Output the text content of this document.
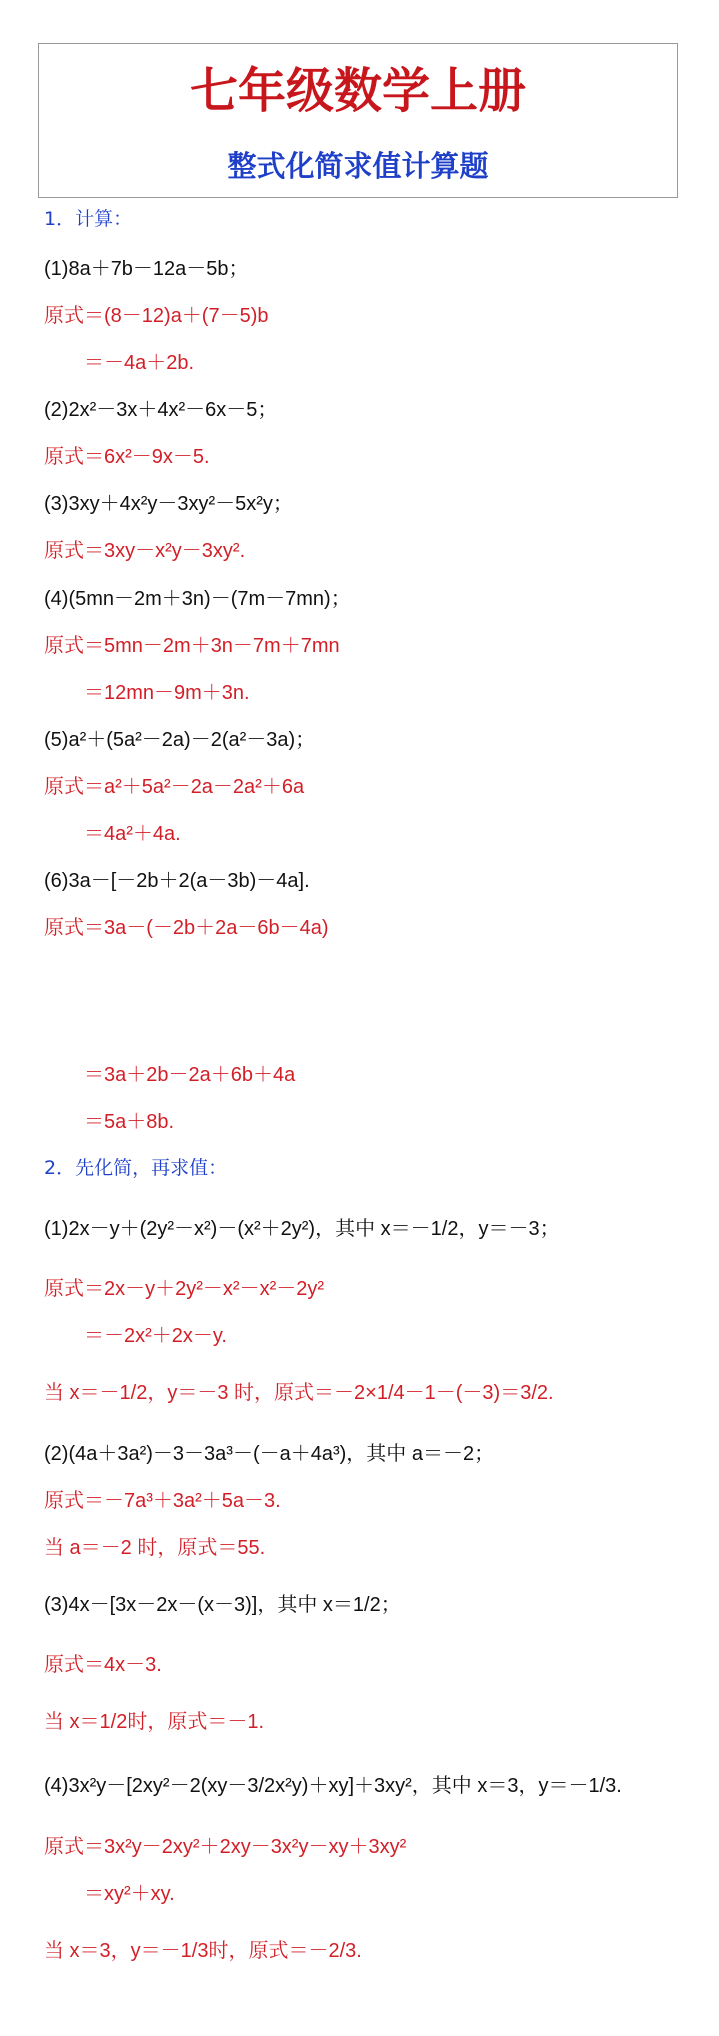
七年级数学上册
整式化简求值计算题
1．计算：
(1)8a＋7b－12a－5b；
原式＝(8－12)a＋(7－5)b
＝－4a＋2b.
(2)2x²－3x＋4x²－6x－5；
原式＝6x²－9x－5.
(3)3xy＋4x²y－3xy²－5x²y；
原式＝3xy－x²y－3xy².
(4)(5mn－2m＋3n)－(7m－7mn)；
原式＝5mn－2m＋3n－7m＋7mn
＝12mn－9m＋3n.
(5)a²＋(5a²－2a)－2(a²－3a)；
原式＝a²＋5a²－2a－2a²＋6a
＝4a²＋4a.
(6)3a－[－2b＋2(a－3b)－4a].
原式＝3a－(－2b＋2a－6b－4a)
＝3a＋2b－2a＋6b＋4a
＝5a＋8b.
2．先化简，再求值：
(1)2x－y＋(2y²－x²)－(x²＋2y²)，其中 x＝－1/2，y＝－3；
原式＝2x－y＋2y²－x²－x²－2y²
＝－2x²＋2x－y.
当 x＝－1/2，y＝－3 时，原式＝－2×1/4－1－(－3)＝3/2.
(2)(4a＋3a²)－3－3a³－(－a＋4a³)，其中 a＝－2；
原式＝－7a³＋3a²＋5a－3.
当 a＝－2 时，原式＝55.
(3)4x－[3x－2x－(x－3)]，其中 x＝1/2；
原式＝4x－3.
当 x＝1/2时，原式＝－1.
(4)3x²y－[2xy²－2(xy－3/2x²y)＋xy]＋3xy²，其中 x＝3，y＝－1/3.
原式＝3x²y－2xy²＋2xy－3x²y－xy＋3xy²
＝xy²＋xy.
当 x＝3，y＝－1/3时，原式＝－2/3.
